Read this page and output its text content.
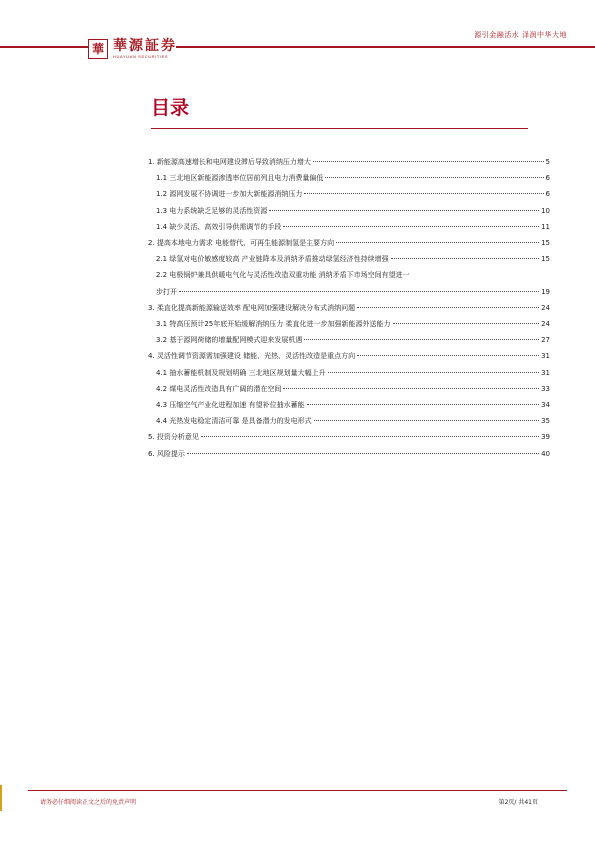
華 華源証券
HUAYUAN SECURITIES
源引金融活水 泽润中华大地
目录
1. 新能源高速增长和电网建设滞后导致消纳压力增大	5
1.1 三北地区新能源渗透率位居前列且电力消费量偏低	6
1.2 源网发展不协调进一步加大新能源消纳压力	6
1.3 电力系统缺乏足够的灵活性资源	10
1.4 缺少灵活、高效引导供需调节的手段	11
2. 提高本地电力需求 电能替代、可再生能源制氢是主要方向	15
2.1 绿氢对电价敏感度较高 产业链降本及消纳矛盾推动绿氢经济性持续增强	15
2.2 电极锅炉兼具供暖电气化与灵活性改造双重功能 消纳矛盾下市场空间有望进一
步打开	19
3. 柔直化提高新能源输送效率 配电网加强建设解决分布式消纳问题	24
3.1 特高压预计25年底开始缓解消纳压力 柔直化进一步加强新能源外送能力	24
3.2 基于源网荷储的增量配网模式迎来发展机遇	27
4. 灵活性调节资源需加强建设 储能、光热、灵活性改造是重点方向	31
4.1 抽水蓄能机制及规划明确 三北地区规划量大幅上升	31
4.2 煤电灵活性改造具有广阔的潜在空间	33
4.3 压缩空气产业化进程加速 有望补位抽水蓄能	34
4.4 光热发电稳定清洁可靠 是具备潜力的发电形式	35
5. 投资分析意见	39
6. 风险提示	40
请务必仔细阅读正文之后的免责声明	第2页/ 共41页
